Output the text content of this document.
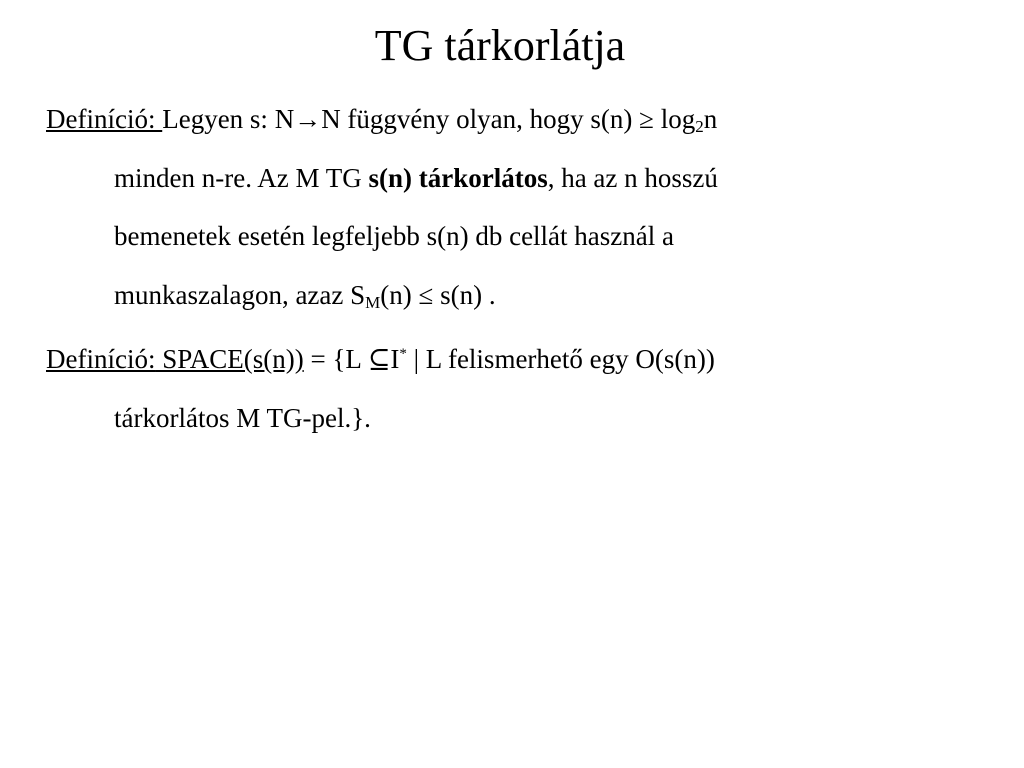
TG tárkorlátja
Definíció: Legyen s: N→N függvény olyan, hogy $s(n) \ge \log_2n$
minden n-re. Az M TG s(n) tárkorlátos, ha az n hosszú
bemenetek esetén legfeljebb s(n) db cellát használ a
munkaszalagon, azaz $S_M(n) \le s(n)$ .
Definíció: SPACE(s(n)) = {L ⊆I* | L felismerhető egy O(s(n))
tárkorlátos M TG-pel.}.
